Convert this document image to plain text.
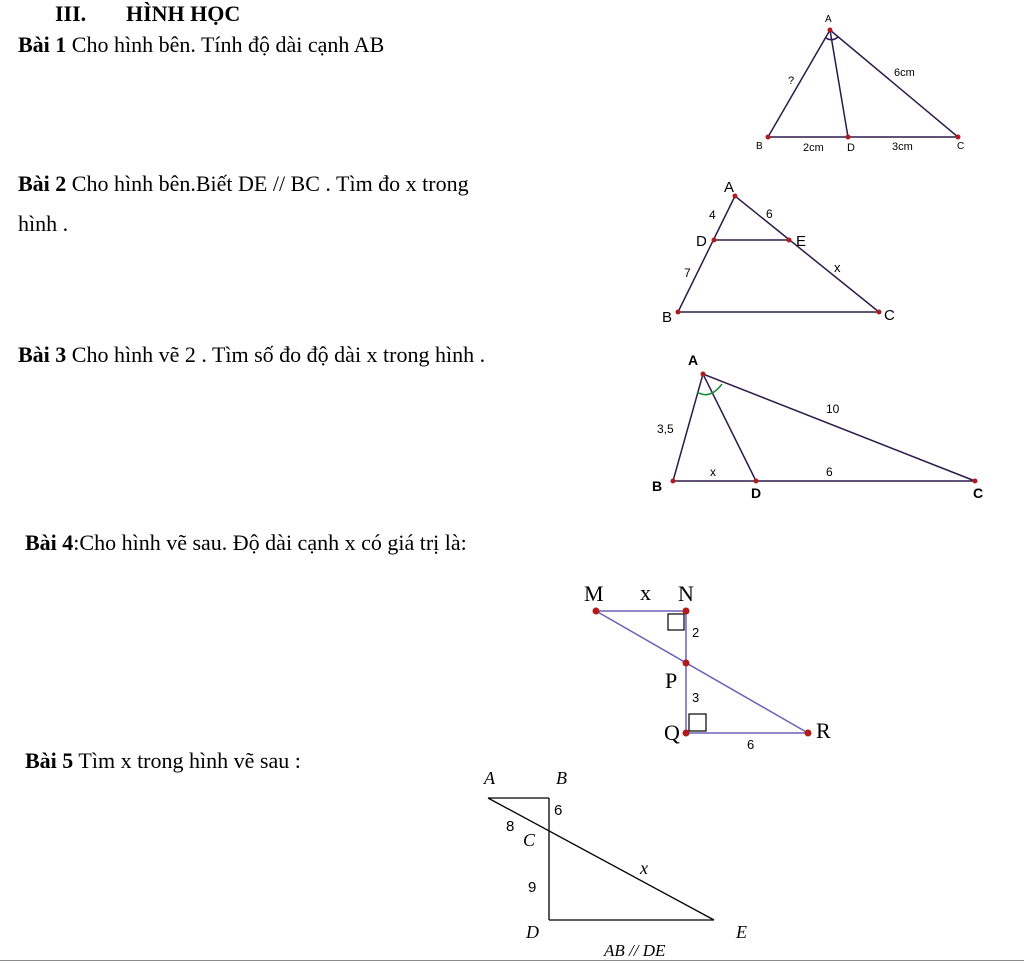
III. HÌNH HỌC
Bài 1 Cho hình bên. Tính độ dài cạnh AB
Bài 2 Cho hình bên.Biết DE // BC . Tìm đo x trong
hình .
Bài 3 Cho hình vẽ 2 . Tìm số đo độ dài x trong hình .
Bài 4:Cho hình vẽ sau. Độ dài cạnh x có giá trị là:
Bài 5 Tìm x trong hình vẽ sau :
A
B	D	C
?
6cm
2cm	3cm
A
D	E
B	C
4	6
7	x
A
B	D	C
3,5
10
x	6
M x N
2
P
3
Q	6
R
A	B
6
8
C
9
x
D	E
AB // DE
